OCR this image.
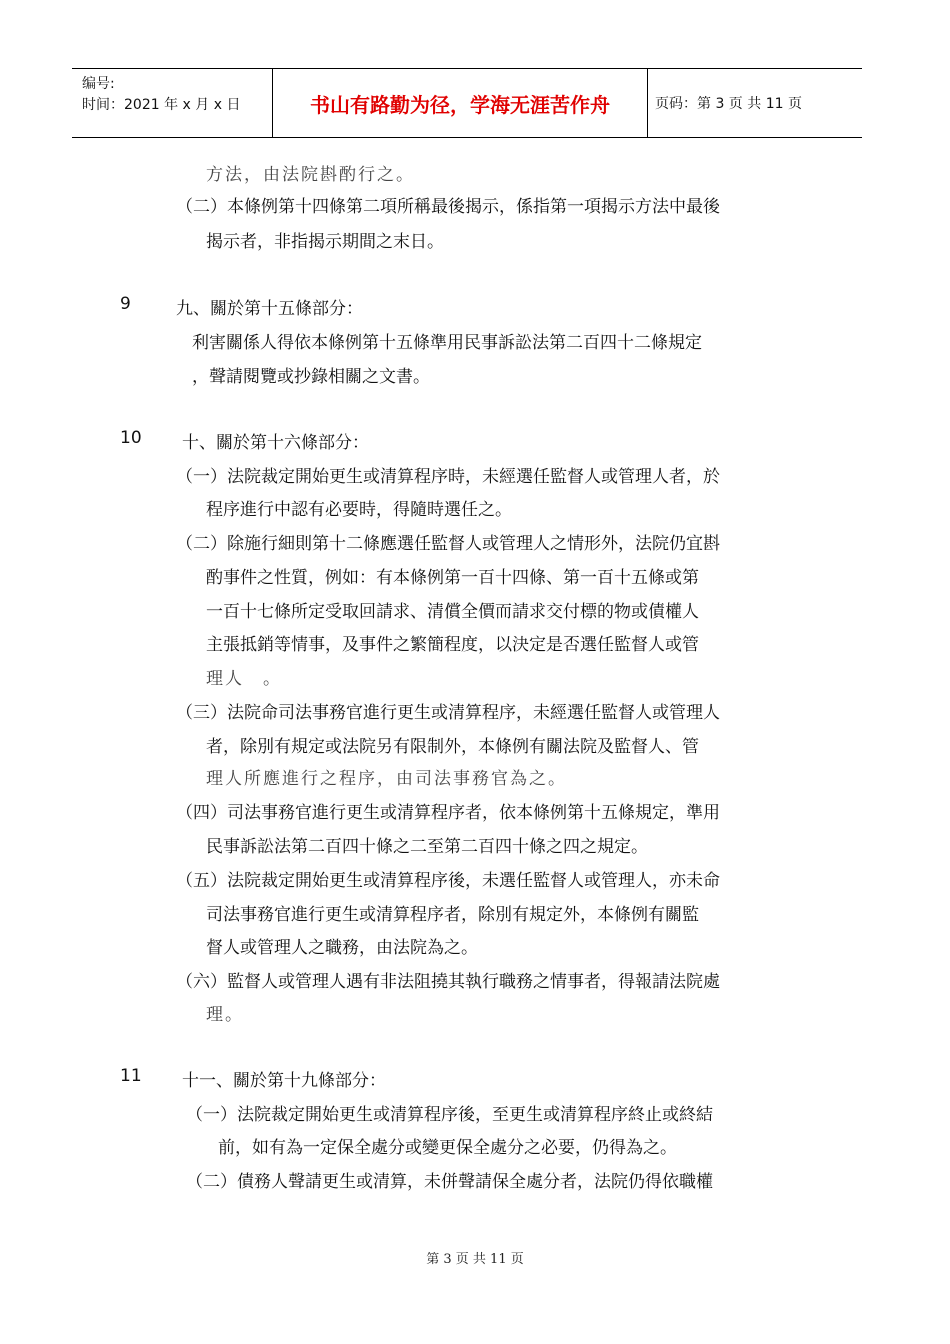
编号:
时间：2021 年 x 月 x 日	书山有路勤为径，学海无涯苦作舟	页码：第 3 页 共 11 页
方法，由法院斟酌行之。
（二）本條例第十四條第二項所稱最後揭示，係指第一項揭示方法中最後
揭示者，非指揭示期間之末日。
9	九、關於第十五條部分：
利害關係人得依本條例第十五條準用民事訴訟法第二百四十二條規定
，聲請閱覽或抄錄相關之文書。
10 十、關於第十六條部分：
（一）法院裁定開始更生或清算程序時，未經選任監督人或管理人者，於
程序進行中認有必要時，得隨時選任之。
（二）除施行細則第十二條應選任監督人或管理人之情形外，法院仍宜斟
酌事件之性質，例如：有本條例第一百十四條、第一百十五條或第
一百十七條所定受取回請求、清償全價而請求交付標的物或債權人
主張抵銷等情事，及事件之繁簡程度，以決定是否選任監督人或管
理人　。
（三）法院命司法事務官進行更生或清算程序，未經選任監督人或管理人
者，除別有規定或法院另有限制外，本條例有關法院及監督人、管
理人所應進行之程序，由司法事務官為之。
（四）司法事務官進行更生或清算程序者，依本條例第十五條規定，準用
民事訴訟法第二百四十條之二至第二百四十條之四之規定。
（五）法院裁定開始更生或清算程序後，未選任監督人或管理人，亦未命
司法事務官進行更生或清算程序者，除別有規定外，本條例有關監
督人或管理人之職務，由法院為之。
（六）監督人或管理人遇有非法阻撓其執行職務之情事者，得報請法院處
理。
11 十一、關於第十九條部分：
（一）法院裁定開始更生或清算程序後，至更生或清算程序終止或終結
前，如有為一定保全處分或變更保全處分之必要，仍得為之。
（二）債務人聲請更生或清算，未併聲請保全處分者，法院仍得依職權
第 3 页 共 11 页
